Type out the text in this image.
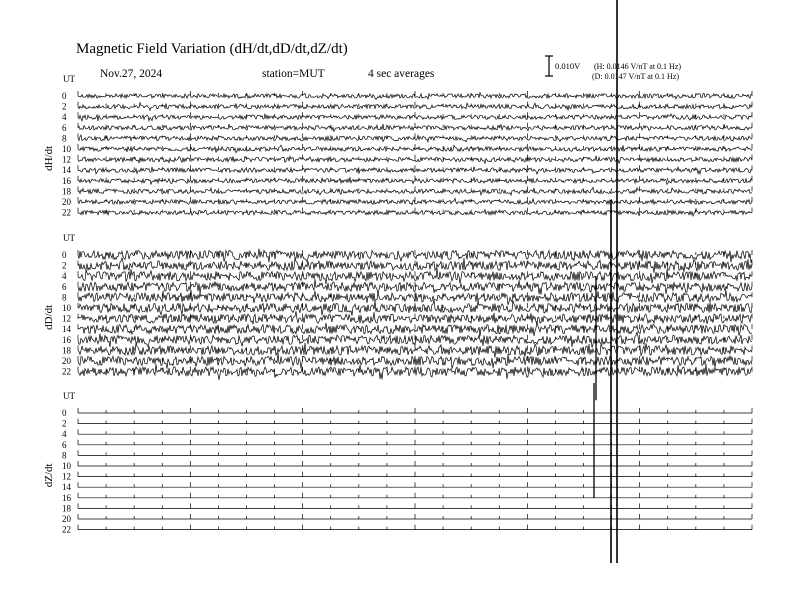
Magnetic Field Variation (dH/dt,dD/dt,dZ/dt)
Nov.27, 2024	station=MUT	4 sec averages
0.010V (H: 0.0146 V/nT at 0.1 Hz)
(D: 0.0147 V/nT at 0.1 Hz)
UT
dH/dt
0
2
4
6
8
10
12
14
16
18
20
22
UT
dD/dt
0
2
4
6
8
10
12
14
16
18
20
22
UT
dZ/dt
0
2
4
6
8
10
12
14
16
18
20
22
